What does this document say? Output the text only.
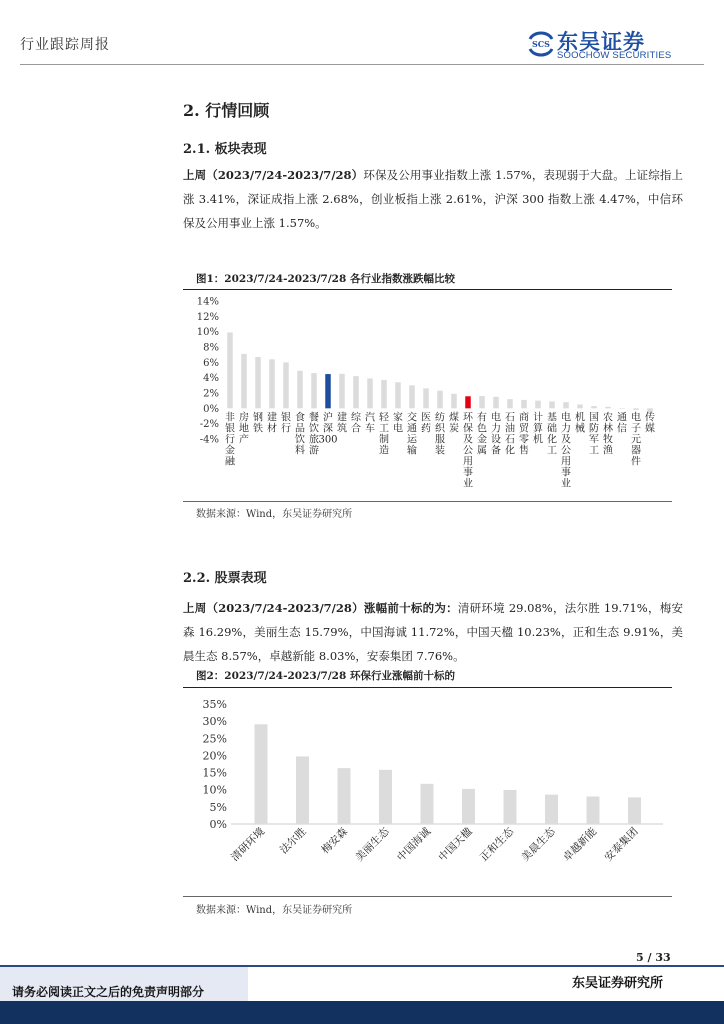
行业跟踪周报	SCS 东吴证券
SOOCHOW SECURITIES
2. 行情回顾
2.1. 板块表现
上周（2023/7/24-2023/7/28）环保及公用事业指数上涨 1.57%，表现弱于大盘。上证综指上涨 3.41%，深证成指上涨 2.68%，创业板指上涨 2.61%，沪深 300 指数上涨 4.47%，中信环保及公用事业上涨 1.57%。
图1：2023/7/24-2023/7/28 各行业指数涨跌幅比较
14%
12%
10%
8%
6%
4%
2%
0%
-2%
-4%
非银行金融
房地产
钢铁
建材
银行
食品饮料
餐饮旅游
沪深 300
建筑
综合
汽车
轻工制造
家电
交通运输
医药
纺织服装
煤炭
环保及公用事业
有色金属
电力设备
石油石化
商贸零售
计算机
基础化工
电力及公用事业
机械
国防军工
农林牧渔
通信
电子元器件
传媒
数据来源：Wind，东吴证券研究所
2.2. 股票表现
上周（2023/7/24-2023/7/28）涨幅前十标的为：清研环境 29.08%，法尔胜 19.71%，梅安森 16.29%，美丽生态 15.79%，中国海诚 11.72%，中国天楹 10.23%，正和生态 9.91%，美晨生态 8.57%，卓越新能 8.03%，安泰集团 7.76%。
图2：2023/7/24-2023/7/28 环保行业涨幅前十标的
35%
30%
25%
20%
15%
10%
5%
0%
清研环境 法尔胜 梅安森 美丽生态 中国海诚 中国天楹 正和生态 美晨生态 卓越新能 安泰集团
数据来源：Wind，东吴证券研究所
5 / 33
请务必阅读正文之后的免责声明部分
东吴证券研究所
